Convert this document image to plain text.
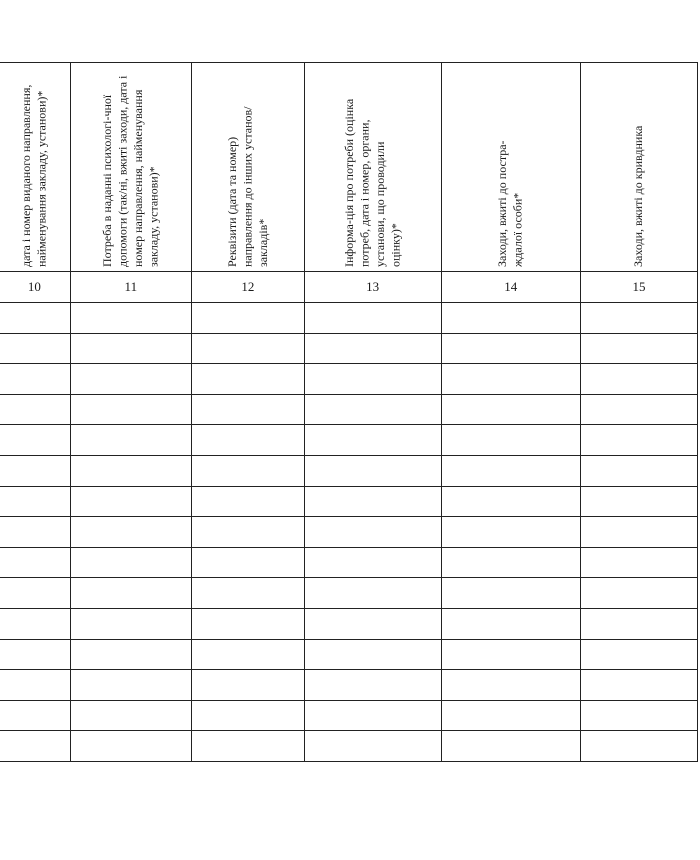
дата і номер виданого направлення, найменування закладу, установи)*	Потреба в наданні психологі-чної допомоги (так/ні, вжиті заходи, дата і номер направлення, найменування закладу, установи)*	Реквізити (дата та номер) направлення до інших установ/ закладів*	Інформа-ція про потреби (оцінка потреб, дата і номер, органи, установи, що проводили оцінку)*	Заходи, вжиті до постра-ждалої особи*	Заходи, вжиті до кривдника

10	11	12	13	14	15
